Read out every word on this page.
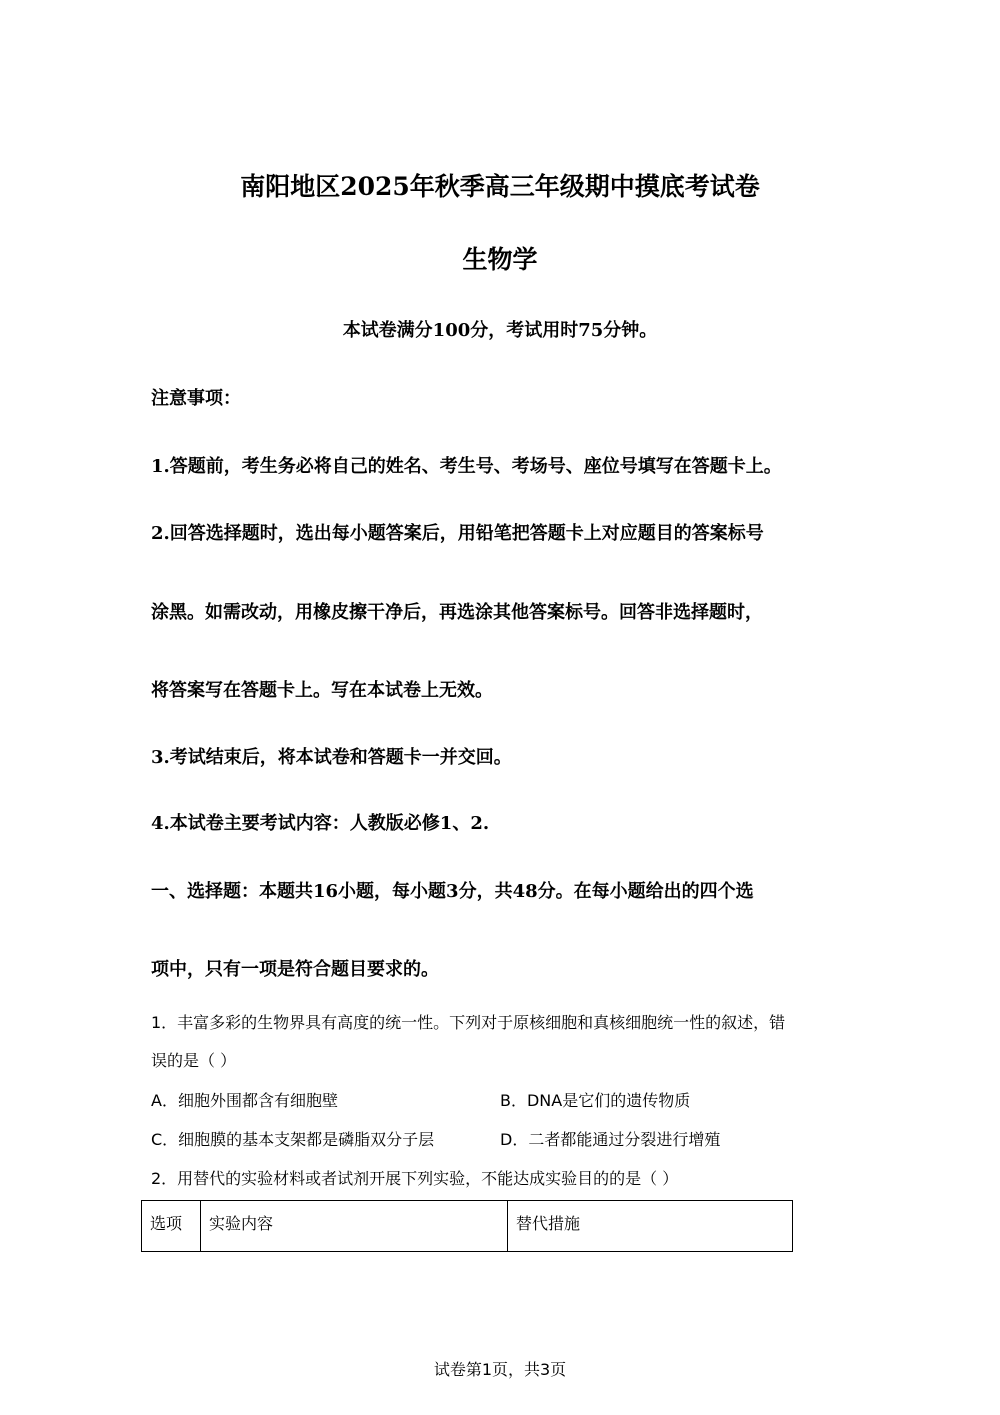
南阳地区2025年秋季高三年级期中摸底考试卷
生物学
本试卷满分100分，考试用时75分钟。
注意事项：
1.答题前，考生务必将自己的姓名、考生号、考场号、座位号填写在答题卡上。
2.回答选择题时，选出每小题答案后，用铅笔把答题卡上对应题目的答案标号
涂黑。如需改动，用橡皮擦干净后，再选涂其他答案标号。回答非选择题时，
将答案写在答题卡上。写在本试卷上无效。
3.考试结束后，将本试卷和答题卡一并交回。
4.本试卷主要考试内容：人教版必修1、2.
一、选择题：本题共16小题，每小题3分，共48分。在每小题给出的四个选
项中，只有一项是符合题目要求的。
1．丰富多彩的生物界具有高度的统一性。下列对于原核细胞和真核细胞统一性的叙述，错
误的是（ ）
A．细胞外围都含有细胞壁	B．DNA是它们的遗传物质
C．细胞膜的基本支架都是磷脂双分子层	D．二者都能通过分裂进行增殖
2．用替代的实验材料或者试剂开展下列实验，不能达成实验目的的是（ ）
选项	实验内容	替代措施
试卷第1页，共3页
